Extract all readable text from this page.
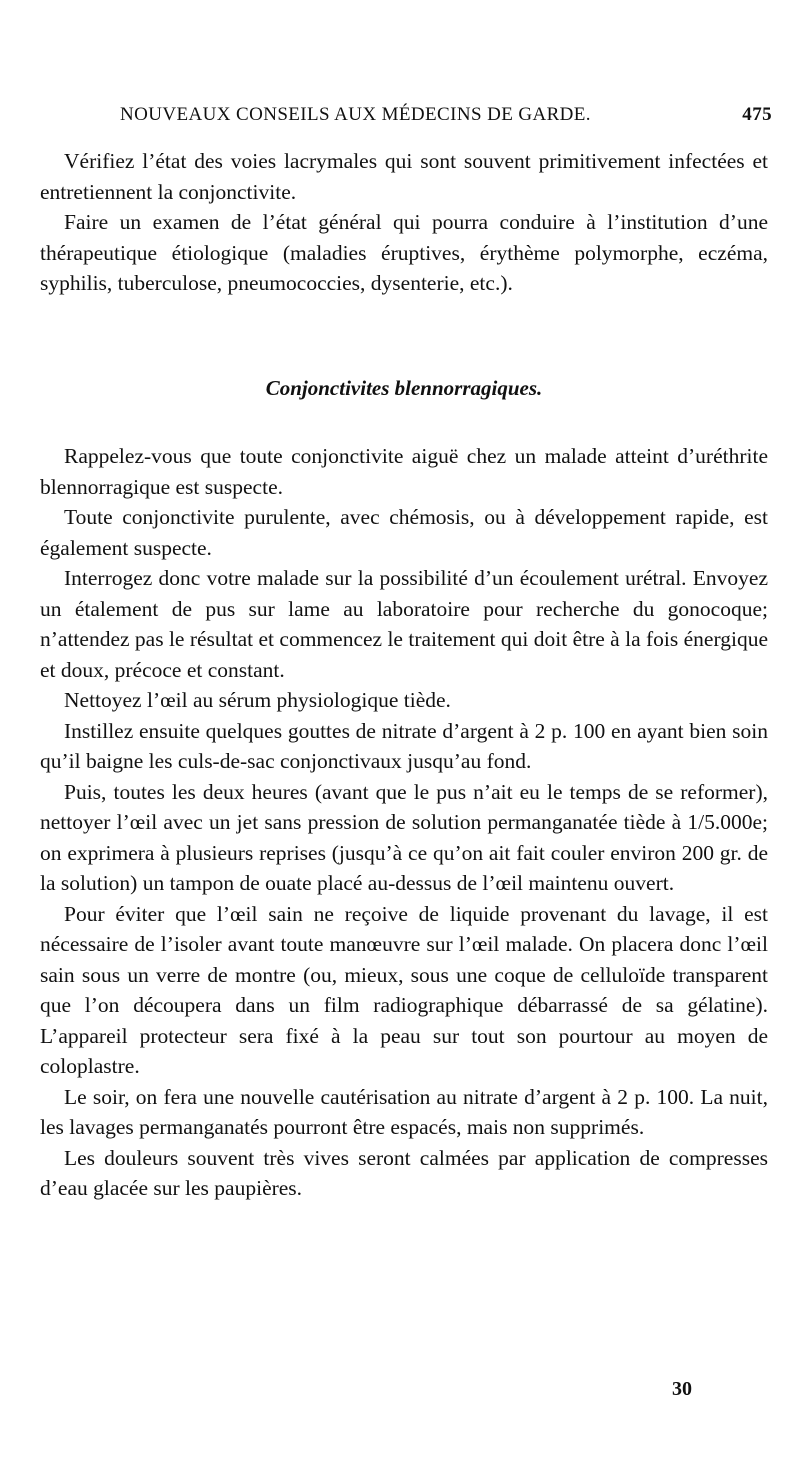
NOUVEAUX CONSEILS AUX MÉDECINS DE GARDE.	475

Vérifiez l’état des voies lacrymales qui sont souvent primitivement infectées et entretiennent la conjonctivite.

Faire un examen de l’état général qui pourra conduire à l’institution d’une thérapeutique étiologique (maladies éruptives, érythème polymorphe, eczéma, syphilis, tuberculose, pneumococcies, dysenterie, etc.).

Conjonctivites blennorragiques.

Rappelez-vous que toute conjonctivite aiguë chez un malade atteint d’uréthrite blennorragique est suspecte.

Toute conjonctivite purulente, avec chémosis, ou à développement rapide, est également suspecte.

Interrogez donc votre malade sur la possibilité d’un écoulement urétral. Envoyez un étalement de pus sur lame au laboratoire pour recherche du gonocoque; n’attendez pas le résultat et commencez le traitement qui doit être à la fois énergique et doux, précoce et constant.

Nettoyez l’œil au sérum physiologique tiède.

Instillez ensuite quelques gouttes de nitrate d’argent à 2 p. 100 en ayant bien soin qu’il baigne les culs-de-sac conjonctivaux jusqu’au fond.

Puis, toutes les deux heures (avant que le pus n’ait eu le temps de se reformer), nettoyer l’œil avec un jet sans pression de solution permanganatée tiède à 1/5.000e; on exprimera à plusieurs reprises (jusqu’à ce qu’on ait fait couler environ 200 gr. de la solution) un tampon de ouate placé au-dessus de l’œil maintenu ouvert.

Pour éviter que l’œil sain ne reçoive de liquide provenant du lavage, il est nécessaire de l’isoler avant toute manœuvre sur l’œil malade. On placera donc l’œil sain sous un verre de montre (ou, mieux, sous une coque de celluloïde transparent que l’on découpera dans un film radiographique débarrassé de sa gélatine). L’appareil protecteur sera fixé à la peau sur tout son pourtour au moyen de coloplastre.

Le soir, on fera une nouvelle cautérisation au nitrate d’argent à 2 p. 100. La nuit, les lavages permanganatés pourront être espacés, mais non supprimés.

Les douleurs souvent très vives seront calmées par application de compresses d’eau glacée sur les paupières.

30
